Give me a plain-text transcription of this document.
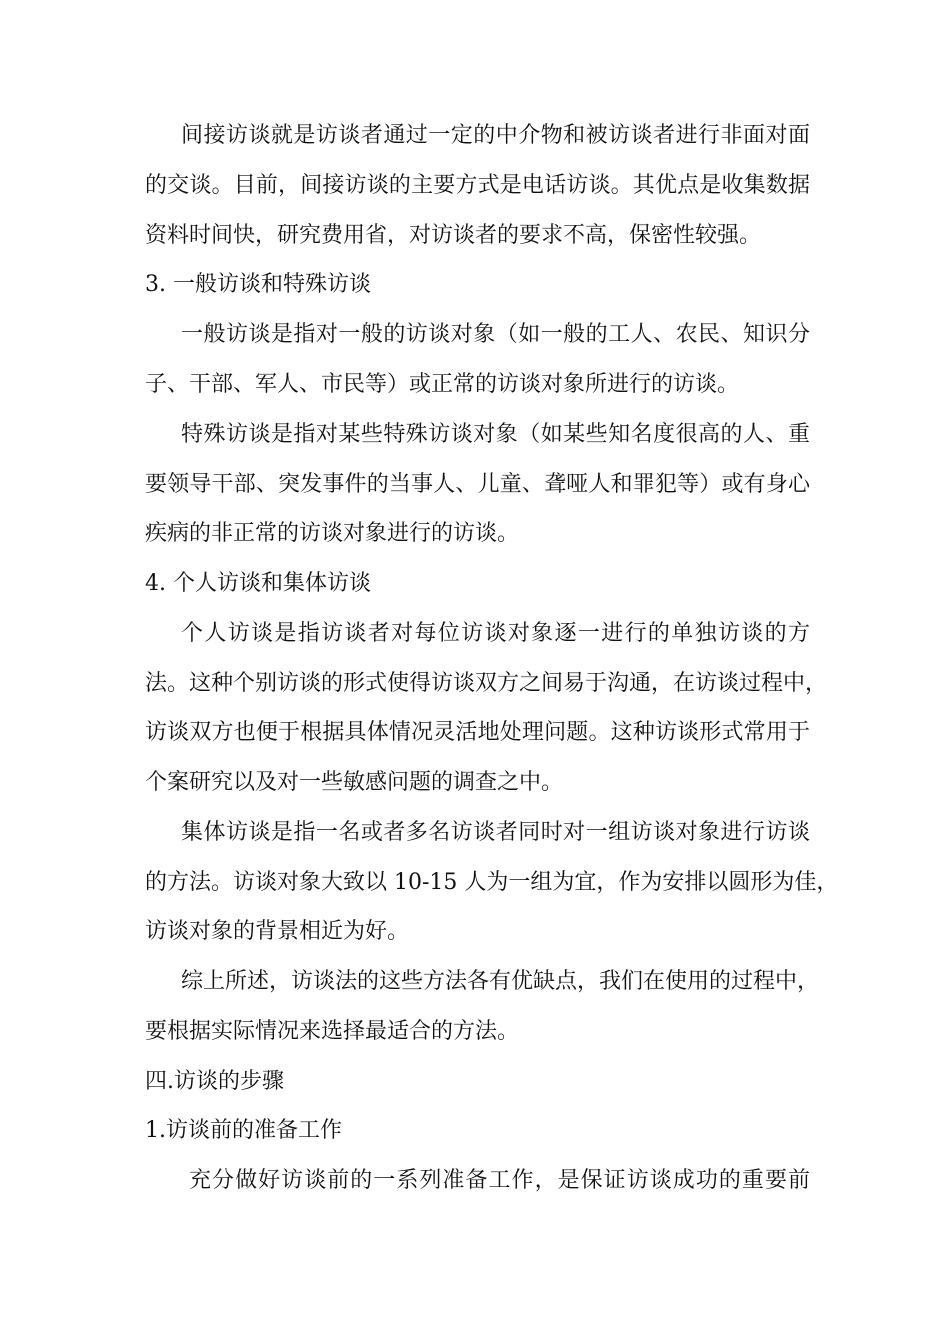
间接访谈就是访谈者通过一定的中介物和被访谈者进行非面对面
的交谈。目前，间接访谈的主要方式是电话访谈。其优点是收集数据
资料时间快，研究费用省，对访谈者的要求不高，保密性较强。
3. 一般访谈和特殊访谈
一般访谈是指对一般的访谈对象（如一般的工人、农民、知识分
子、干部、军人、市民等）或正常的访谈对象所进行的访谈。
特殊访谈是指对某些特殊访谈对象（如某些知名度很高的人、重
要领导干部、突发事件的当事人、儿童、聋哑人和罪犯等）或有身心
疾病的非正常的访谈对象进行的访谈。
4. 个人访谈和集体访谈
个人访谈是指访谈者对每位访谈对象逐一进行的单独访谈的方
法。这种个别访谈的形式使得访谈双方之间易于沟通，在访谈过程中，
访谈双方也便于根据具体情况灵活地处理问题。这种访谈形式常用于
个案研究以及对一些敏感问题的调查之中。
集体访谈是指一名或者多名访谈者同时对一组访谈对象进行访谈
的方法。访谈对象大致以 10-15 人为一组为宜，作为安排以圆形为佳，
访谈对象的背景相近为好。
综上所述，访谈法的这些方法各有优缺点，我们在使用的过程中，
要根据实际情况来选择最适合的方法。
四.访谈的步骤
1.访谈前的准备工作
充分做好访谈前的一系列准备工作，是保证访谈成功的重要前
